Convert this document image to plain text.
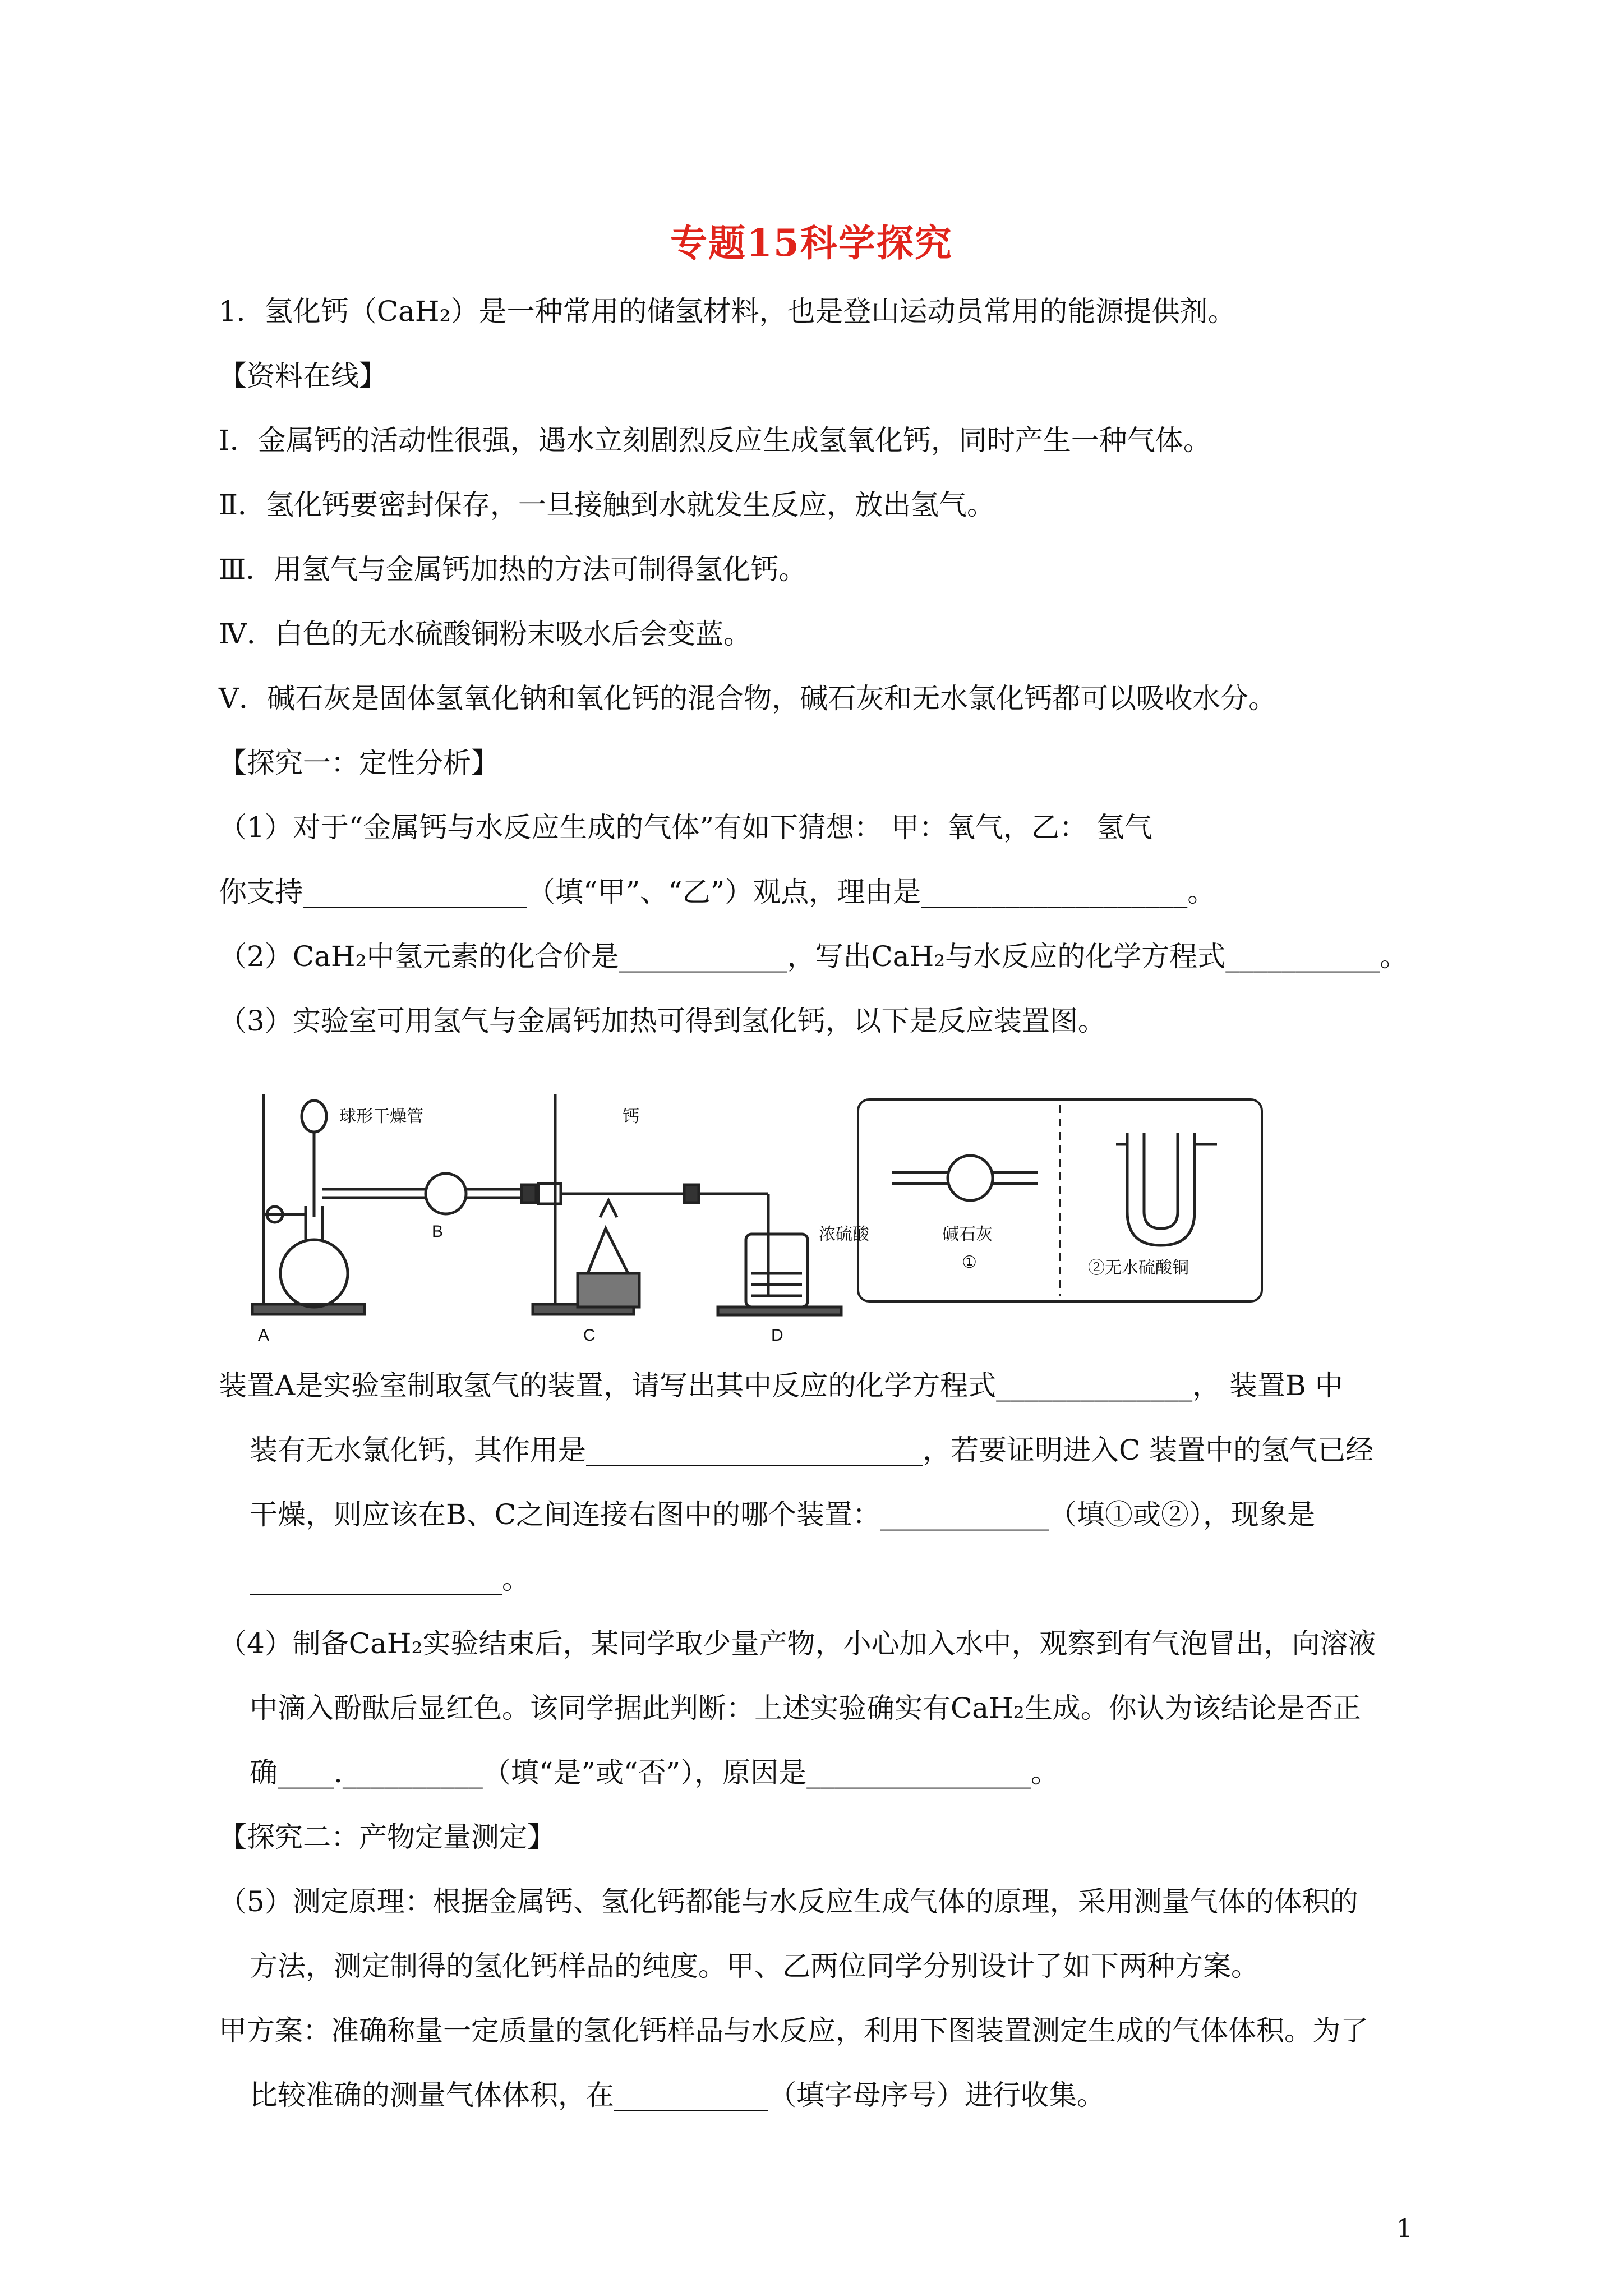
专题15科学探究
1．氢化钙（CaH₂）是一种常用的储氢材料，也是登山运动员常用的能源提供剂。
【资料在线】
Ⅰ．金属钙的活动性很强，遇水立刻剧烈反应生成氢氧化钙，同时产生一种气体。
Ⅱ．氢化钙要密封保存，一旦接触到水就发生反应，放出氢气。
Ⅲ．用氢气与金属钙加热的方法可制得氢化钙。
Ⅳ．白色的无水硫酸铜粉末吸水后会变蓝。
Ⅴ．碱石灰是固体氢氧化钠和氧化钙的混合物，碱石灰和无水氯化钙都可以吸收水分。
【探究一：定性分析】
（1）对于“金属钙与水反应生成的气体”有如下猜想： 甲：氧气，乙： 氢气
你支持________________（填“甲”、“乙”）观点，理由是___________________。
（2）CaH₂中氢元素的化合价是____________，写出CaH₂与水反应的化学方程式___________。
（3）实验室可用氢气与金属钙加热可得到氢化钙，以下是反应装置图。
装置A是实验室制取氢气的装置，请写出其中反应的化学方程式______________， 装置B 中
装有无水氯化钙，其作用是________________________，若要证明进入C 装置中的氢气已经
干燥，则应该在B、C之间连接右图中的哪个装置：____________（填①或②），现象是
__________________。
（4）制备CaH₂实验结束后，某同学取少量产物，小心加入水中，观察到有气泡冒出，向溶液
中滴入酚酞后显红色。该同学据此判断：上述实验确实有CaH₂生成。你认为该结论是否正
确____.__________（填“是”或“否”），原因是________________。
【探究二：产物定量测定】
（5）测定原理：根据金属钙、氢化钙都能与水反应生成气体的原理，采用测量气体的体积的
方法，测定制得的氢化钙样品的纯度。甲、乙两位同学分别设计了如下两种方案。
甲方案：准确称量一定质量的氢化钙样品与水反应，利用下图装置测定生成的气体体积。为了
比较准确的测量气体体积，在___________（填字母序号）进行收集。
球形干燥管
B
钙
浓硫酸
A	C	D
碱石灰
①	②无水硫酸铜
1
